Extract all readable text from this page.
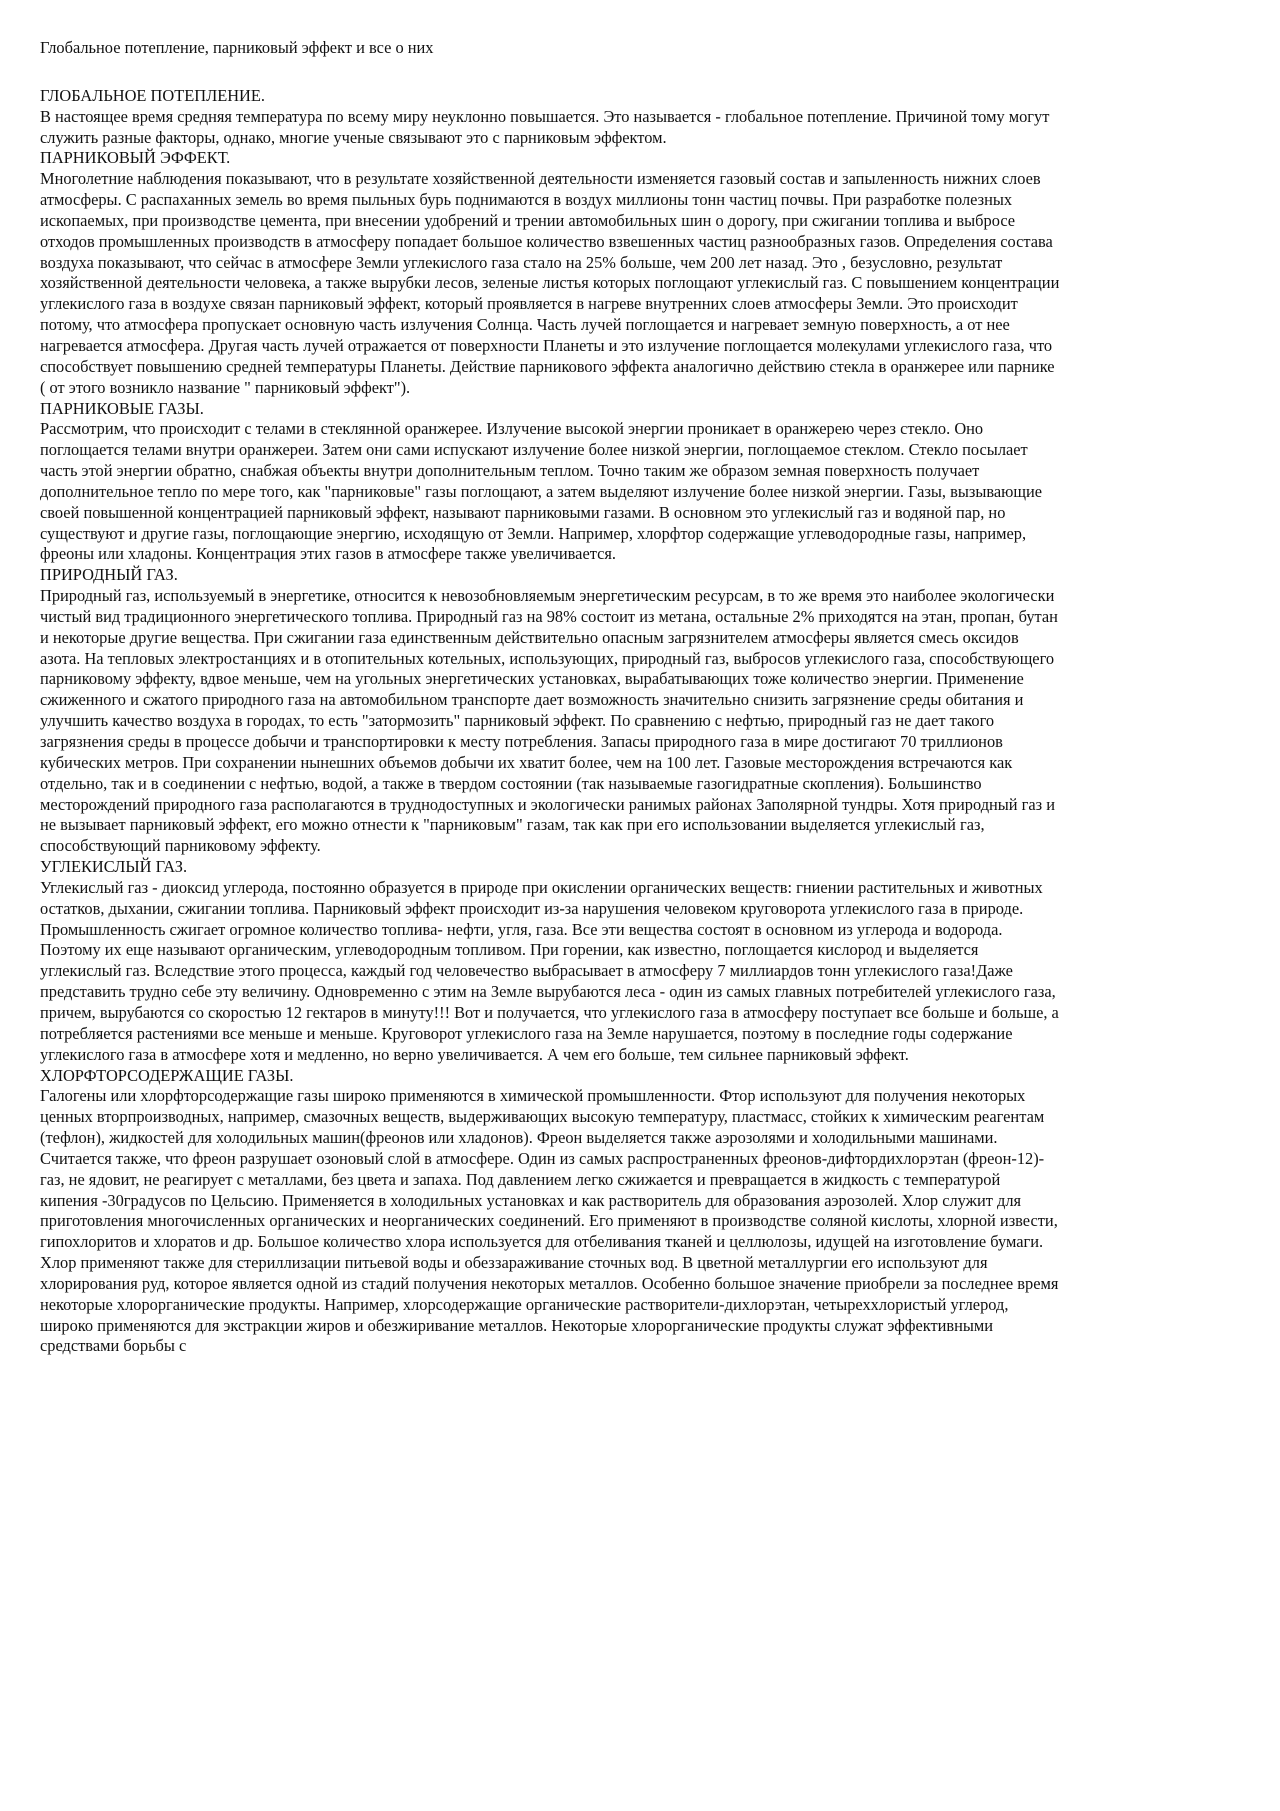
Глобальное потепление, парниковый эффект и все о них
ГЛОБАЛЬНОЕ ПОТЕПЛЕНИЕ.
В настоящее время средняя температура по всему миру неуклонно повышается. Это называется - глобальное потепление. Причиной тому могут служить разные факторы, однако, многие ученые связывают это с парниковым эффектом.
ПАРНИКОВЫЙ ЭФФЕКТ.
Многолетние наблюдения показывают, что в результате хозяйственной деятельности изменяется газовый состав и запыленность нижних слоев атмосферы. С распаханных земель во время пыльных бурь поднимаются в воздух миллионы тонн частиц почвы. При разработке полезных ископаемых, при производстве цемента, при внесении удобрений и трении автомобильных шин о дорогу, при сжигании топлива и выбросе отходов промышленных производств в атмосферу попадает большое количество взвешенных частиц разнообразных газов. Определения состава воздуха показывают, что сейчас в атмосфере Земли углекислого газа стало на 25% больше, чем 200 лет назад. Это , безусловно, результат хозяйственной деятельности человека, а также вырубки лесов, зеленые листья которых поглощают углекислый газ. С повышением концентрации углекислого газа в воздухе связан парниковый эффект, который проявляется в нагреве внутренних слоев атмосферы Земли. Это происходит потому, что атмосфера пропускает основную часть излучения Солнца. Часть лучей поглощается и нагревает земную поверхность, а от нее нагревается атмосфера. Другая часть лучей отражается от поверхности Планеты и это излучение поглощается молекулами углекислого газа, что способствует повышению средней температуры Планеты. Действие парникового эффекта аналогично действию стекла в оранжерее или парнике ( от этого возникло название " парниковый эффект").
ПАРНИКОВЫЕ ГАЗЫ.
Рассмотрим, что происходит с телами в стеклянной оранжерее. Излучение высокой энергии проникает в оранжерею через стекло. Оно поглощается телами внутри оранжереи. Затем они сами испускают излучение более низкой энергии, поглощаемое стеклом. Стекло посылает часть этой энергии обратно, снабжая объекты внутри дополнительным теплом. Точно таким же образом земная поверхность получает дополнительное тепло по мере того, как "парниковые" газы поглощают, а затем выделяют излучение более низкой энергии. Газы, вызывающие своей повышенной концентрацией парниковый эффект, называют парниковыми газами. В основном это углекислый газ и водяной пар, но существуют и другие газы, поглощающие энергию, исходящую от Земли. Например, хлорфтор содержащие углеводородные газы, например, фреоны или хладоны. Концентрация этих газов в атмосфере также увеличивается.
ПРИРОДНЫЙ ГАЗ.
Природный газ, используемый в энергетике, относится к невозобновляемым энергетическим ресурсам, в то же время это наиболее экологически чистый вид традиционного энергетического топлива. Природный газ на 98% состоит из метана, остальные 2% приходятся на этан, пропан, бутан и некоторые другие вещества. При сжигании газа единственным действительно опасным загрязнителем атмосферы является смесь оксидов азота. На тепловых электростанциях и в отопительных котельных, использующих, природный газ, выбросов углекислого газа, способствующего парниковому эффекту, вдвое меньше, чем на угольных энергетических установках, вырабатывающих тоже количество энергии. Применение сжиженного и сжатого природного газа на автомобильном транспорте дает возможность значительно снизить загрязнение среды обитания и улучшить качество воздуха в городах, то есть "затормозить" парниковый эффект. По сравнению с нефтью, природный газ не дает такого загрязнения среды в процессе добычи и транспортировки к месту потребления. Запасы природного газа в мире достигают 70 триллионов кубических метров. При сохранении нынешних объемов добычи их хватит более, чем на 100 лет. Газовые месторождения встречаются как отдельно, так и в соединении с нефтью, водой, а также в твердом состоянии (так называемые газогидратные скопления). Большинство месторождений природного газа располагаются в труднодоступных и экологически ранимых районах Заполярной тундры. Хотя природный газ и не вызывает парниковый эффект, его можно отнести к "парниковым" газам, так как при его использовании выделяется углекислый газ, способствующий парниковому эффекту.
УГЛЕКИСЛЫЙ ГАЗ.
Углекислый газ - диоксид углерода, постоянно образуется в природе при окислении органических веществ: гниении растительных и животных остатков, дыхании, сжигании топлива. Парниковый эффект происходит из-за нарушения человеком круговорота углекислого газа в природе. Промышленность сжигает огромное количество топлива- нефти, угля, газа. Все эти вещества состоят в основном из углерода и водорода. Поэтому их еще называют органическим, углеводородным топливом. При горении, как известно, поглощается кислород и выделяется углекислый газ. Вследствие этого процесса, каждый год человечество выбрасывает в атмосферу 7 миллиардов тонн углекислого газа!Даже представить трудно себе эту величину. Одновременно с этим на Земле вырубаются леса - один из самых главных потребителей углекислого газа, причем, вырубаются со скоростью 12 гектаров в минуту!!! Вот и получается, что углекислого газа в атмосферу поступает все больше и больше, а потребляется растениями все меньше и меньше. Круговорот углекислого газа на Земле нарушается, поэтому в последние годы содержание углекислого газа в атмосфере хотя и медленно, но верно увеличивается. А чем его больше, тем сильнее парниковый эффект.
ХЛОРФТОРСОДЕРЖАЩИЕ ГАЗЫ.
Галогены или хлорфторсодержащие газы широко применяются в химической промышленности. Фтор используют для получения некоторых ценных вторпроизводных, например, смазочных веществ, выдерживающих высокую температуру, пластмасс, стойких к химическим реагентам (тефлон), жидкостей для холодильных машин(фреонов или хладонов). Фреон выделяется также аэрозолями и холодильными машинами. Считается также, что фреон разрушает озоновый слой в атмосфере. Один из самых распространенных фреонов-дифтордихлорэтан (фреон-12)- газ, не ядовит, не реагирует с металлами, без цвета и запаха. Под давлением легко сжижается и превращается в жидкость с температурой кипения -30градусов по Цельсию. Применяется в холодильных установках и как растворитель для образования аэрозолей. Хлор служит для приготовления многочисленных органических и неорганических соединений. Его применяют в производстве соляной кислоты, хлорной извести, гипохлоритов и хлоратов и др. Большое количество хлора используется для отбеливания тканей и целлюлозы, идущей на изготовление бумаги. Хлор применяют также для стериллизации питьевой воды и обеззараживание сточных вод. В цветной металлургии его используют для хлорирования руд, которое является одной из стадий получения некоторых металлов. Особенно большое значение приобрели за последнее время некоторые хлорорганические продукты. Например, хлорсодержащие органические растворители-дихлорэтан, четыреххлористый углерод, широко применяются для экстракции жиров и обезжиривание металлов. Некоторые хлорорганические продукты служат эффективными средствами борьбы с
